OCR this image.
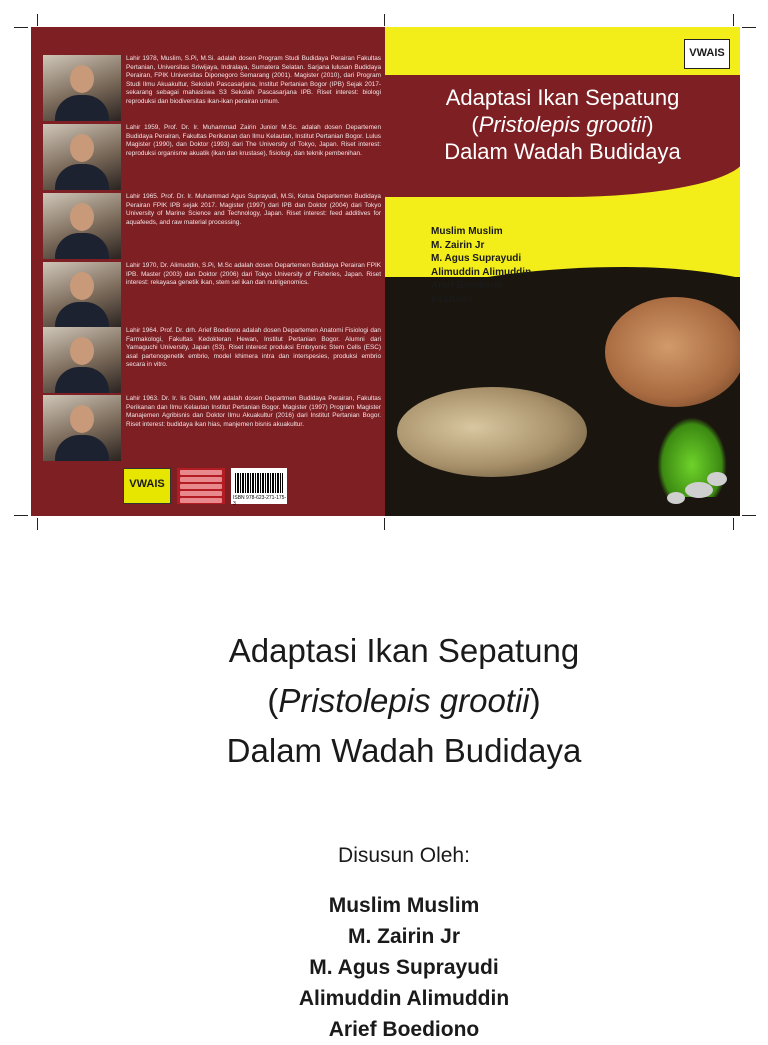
Lahir 1978, Muslim, S.Pi, M.Si. adalah dosen Program Studi Budidaya Perairan Fakultas Pertanian, Universitas Sriwijaya, Indralaya, Sumatera Selatan. Sarjana lulusan Budidaya Perairan, FPIK Universitas Diponegoro Semarang (2001). Magister (2010), dari Program Studi Ilmu Akuakultur, Sekolah Pascasarjana, Institut Pertanian Bogor (IPB) Sejak 2017-sekarang sebagai mahasiswa S3 Sekolah Pascasarjana IPB. Riset interest: biologi reproduksi dan biodiversitas ikan-ikan perairan umum.
Lahir 1959, Prof. Dr. Ir. Muhammad Zairin Junior M.Sc. adalah dosen Departemen Budidaya Perairan, Fakultas Perikanan dan Ilmu Kelautan, Institut Pertanian Bogor. Lulus Magister (1990), dan Doktor (1993) dari The University of Tokyo, Japan. Riset interest: reproduksi organisme akuatik (ikan dan krustase), fisiologi, dan teknik pembenihan.
Lahir 1965. Prof. Dr. Ir. Muhammad Agus Suprayudi, M.Si, Ketua Departemen Budidaya Perairan FPIK IPB sejak 2017. Magister (1997) dari IPB dan Doktor (2004) dari Tokyo University of Marine Science and Technology, Japan. Riset interest: feed additives for aquafeeds, and raw material processing.
Lahir 1970, Dr. Alimuddin, S.Pi, M.Sc adalah dosen Departemen Budidaya Perairan FPIK IPB. Master (2003) dan Doktor (2006) dari Tokyo University of Fisheries, Japan. Riset interest: rekayasa genetik ikan, stem sel ikan dan nutrigenomics.
Lahir 1964. Prof. Dr. drh. Arief Boediono adalah dosen Departemen Anatomi Fisiologi dan Farmakologi, Fakultas Kedokteran Hewan, Institut Pertanian Bogor. Alumni dari Yamaguchi University, Japan (S3). Riset interest produksi Embryonic Stem Cells (ESC) asal partenogenetik embrio, model khimera intra dan interspesies, produksi embrio secara in vitro.
Lahir 1963. Dr. Ir. Iis Diatin, MM adalah dosen Departmen Budidaya Perairan, Fakultas Perikanan dan Ilmu Kelautan Institut Pertanian Bogor. Magister (1997) Program Magister Manajemen Agribisnis dan Doktor Ilmu Akuakultur (2016) dari Institut Pertanian Bogor. Riset interest: budidaya ikan hias, manjemen bisnis akuakultur.
VWAIS
ISBN 978-623-271-175-3
VWAIS
Adaptasi Ikan Sepatung
(Pristolepis grootii)
Dalam Wadah Budidaya
Muslim Muslim
M. Zairin Jr
M. Agus Suprayudi
Alimuddin Alimuddin
Arief Boediono
Iis Diatin
Adaptasi Ikan Sepatung
(Pristolepis grootii)
Dalam Wadah Budidaya
Disusun Oleh:
Muslim Muslim
M. Zairin Jr
M. Agus Suprayudi
Alimuddin Alimuddin
Arief Boediono
